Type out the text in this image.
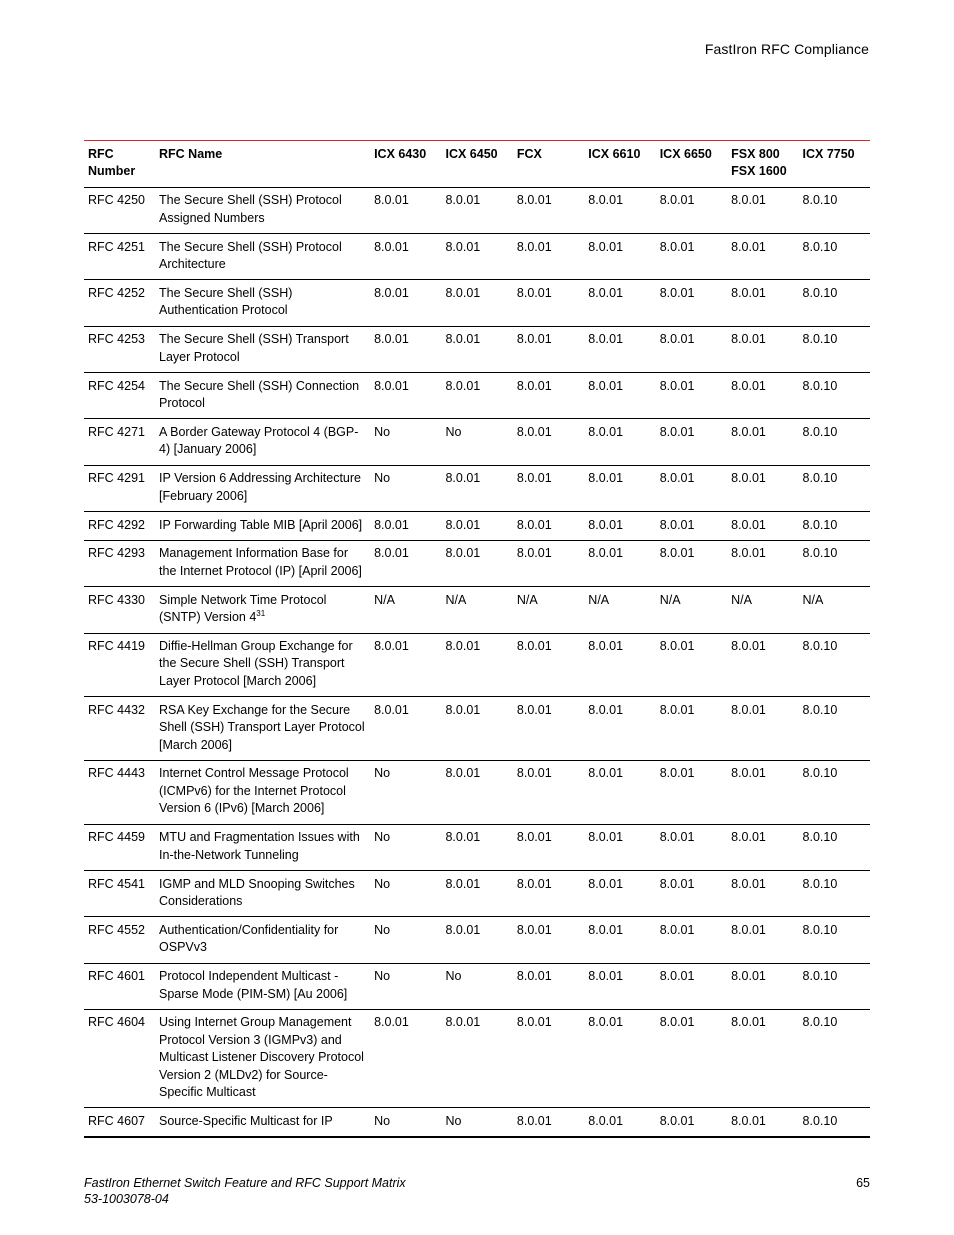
FastIron RFC Compliance
RFC Number	RFC Name	ICX 6430	ICX 6450	FCX	ICX 6610	ICX 6650	FSX 800 FSX 1600	ICX 7750
RFC 4250	The Secure Shell (SSH) Protocol Assigned Numbers	8.0.01	8.0.01	8.0.01	8.0.01	8.0.01	8.0.01	8.0.10
RFC 4251	The Secure Shell (SSH) Protocol Architecture	8.0.01	8.0.01	8.0.01	8.0.01	8.0.01	8.0.01	8.0.10
RFC 4252	The Secure Shell (SSH) Authentication Protocol	8.0.01	8.0.01	8.0.01	8.0.01	8.0.01	8.0.01	8.0.10
RFC 4253	The Secure Shell (SSH) Transport Layer Protocol	8.0.01	8.0.01	8.0.01	8.0.01	8.0.01	8.0.01	8.0.10
RFC 4254	The Secure Shell (SSH) Connection Protocol	8.0.01	8.0.01	8.0.01	8.0.01	8.0.01	8.0.01	8.0.10
RFC 4271	A Border Gateway Protocol 4 (BGP-4) [January 2006]	No	No	8.0.01	8.0.01	8.0.01	8.0.01	8.0.10
RFC 4291	IP Version 6 Addressing Architecture [February 2006]	No	8.0.01	8.0.01	8.0.01	8.0.01	8.0.01	8.0.10
RFC 4292	IP Forwarding Table MIB [April 2006]	8.0.01	8.0.01	8.0.01	8.0.01	8.0.01	8.0.01	8.0.10
RFC 4293	Management Information Base for the Internet Protocol (IP) [April 2006]	8.0.01	8.0.01	8.0.01	8.0.01	8.0.01	8.0.01	8.0.10
RFC 4330	Simple Network Time Protocol (SNTP) Version $4^{31}$	N/A	N/A	N/A	N/A	N/A	N/A	N/A
RFC 4419	Diffie-Hellman Group Exchange for the Secure Shell (SSH) Transport Layer Protocol [March 2006]	8.0.01	8.0.01	8.0.01	8.0.01	8.0.01	8.0.01	8.0.10
RFC 4432	RSA Key Exchange for the Secure Shell (SSH) Transport Layer Protocol [March 2006]	8.0.01	8.0.01	8.0.01	8.0.01	8.0.01	8.0.01	8.0.10
RFC 4443	Internet Control Message Protocol (ICMPv6) for the Internet Protocol Version 6 (IPv6) [March 2006]	No	8.0.01	8.0.01	8.0.01	8.0.01	8.0.01	8.0.10
RFC 4459	MTU and Fragmentation Issues with In-the-Network Tunneling	No	8.0.01	8.0.01	8.0.01	8.0.01	8.0.01	8.0.10
RFC 4541	IGMP and MLD Snooping Switches Considerations	No	8.0.01	8.0.01	8.0.01	8.0.01	8.0.01	8.0.10
RFC 4552	Authentication/Confidentiality for OSPVv3	No	8.0.01	8.0.01	8.0.01	8.0.01	8.0.01	8.0.10
RFC 4601	Protocol Independent Multicast - Sparse Mode (PIM-SM) [Au 2006]	No	No	8.0.01	8.0.01	8.0.01	8.0.01	8.0.10
RFC 4604	Using Internet Group Management Protocol Version 3 (IGMPv3) and Multicast Listener Discovery Protocol Version 2 (MLDv2) for Source-Specific Multicast	8.0.01	8.0.01	8.0.01	8.0.01	8.0.01	8.0.01	8.0.10
RFC 4607	Source-Specific Multicast for IP	No	No	8.0.01	8.0.01	8.0.01	8.0.01	8.0.10
FastIron Ethernet Switch Feature and RFC Support Matrix
53-1003078-04
65
